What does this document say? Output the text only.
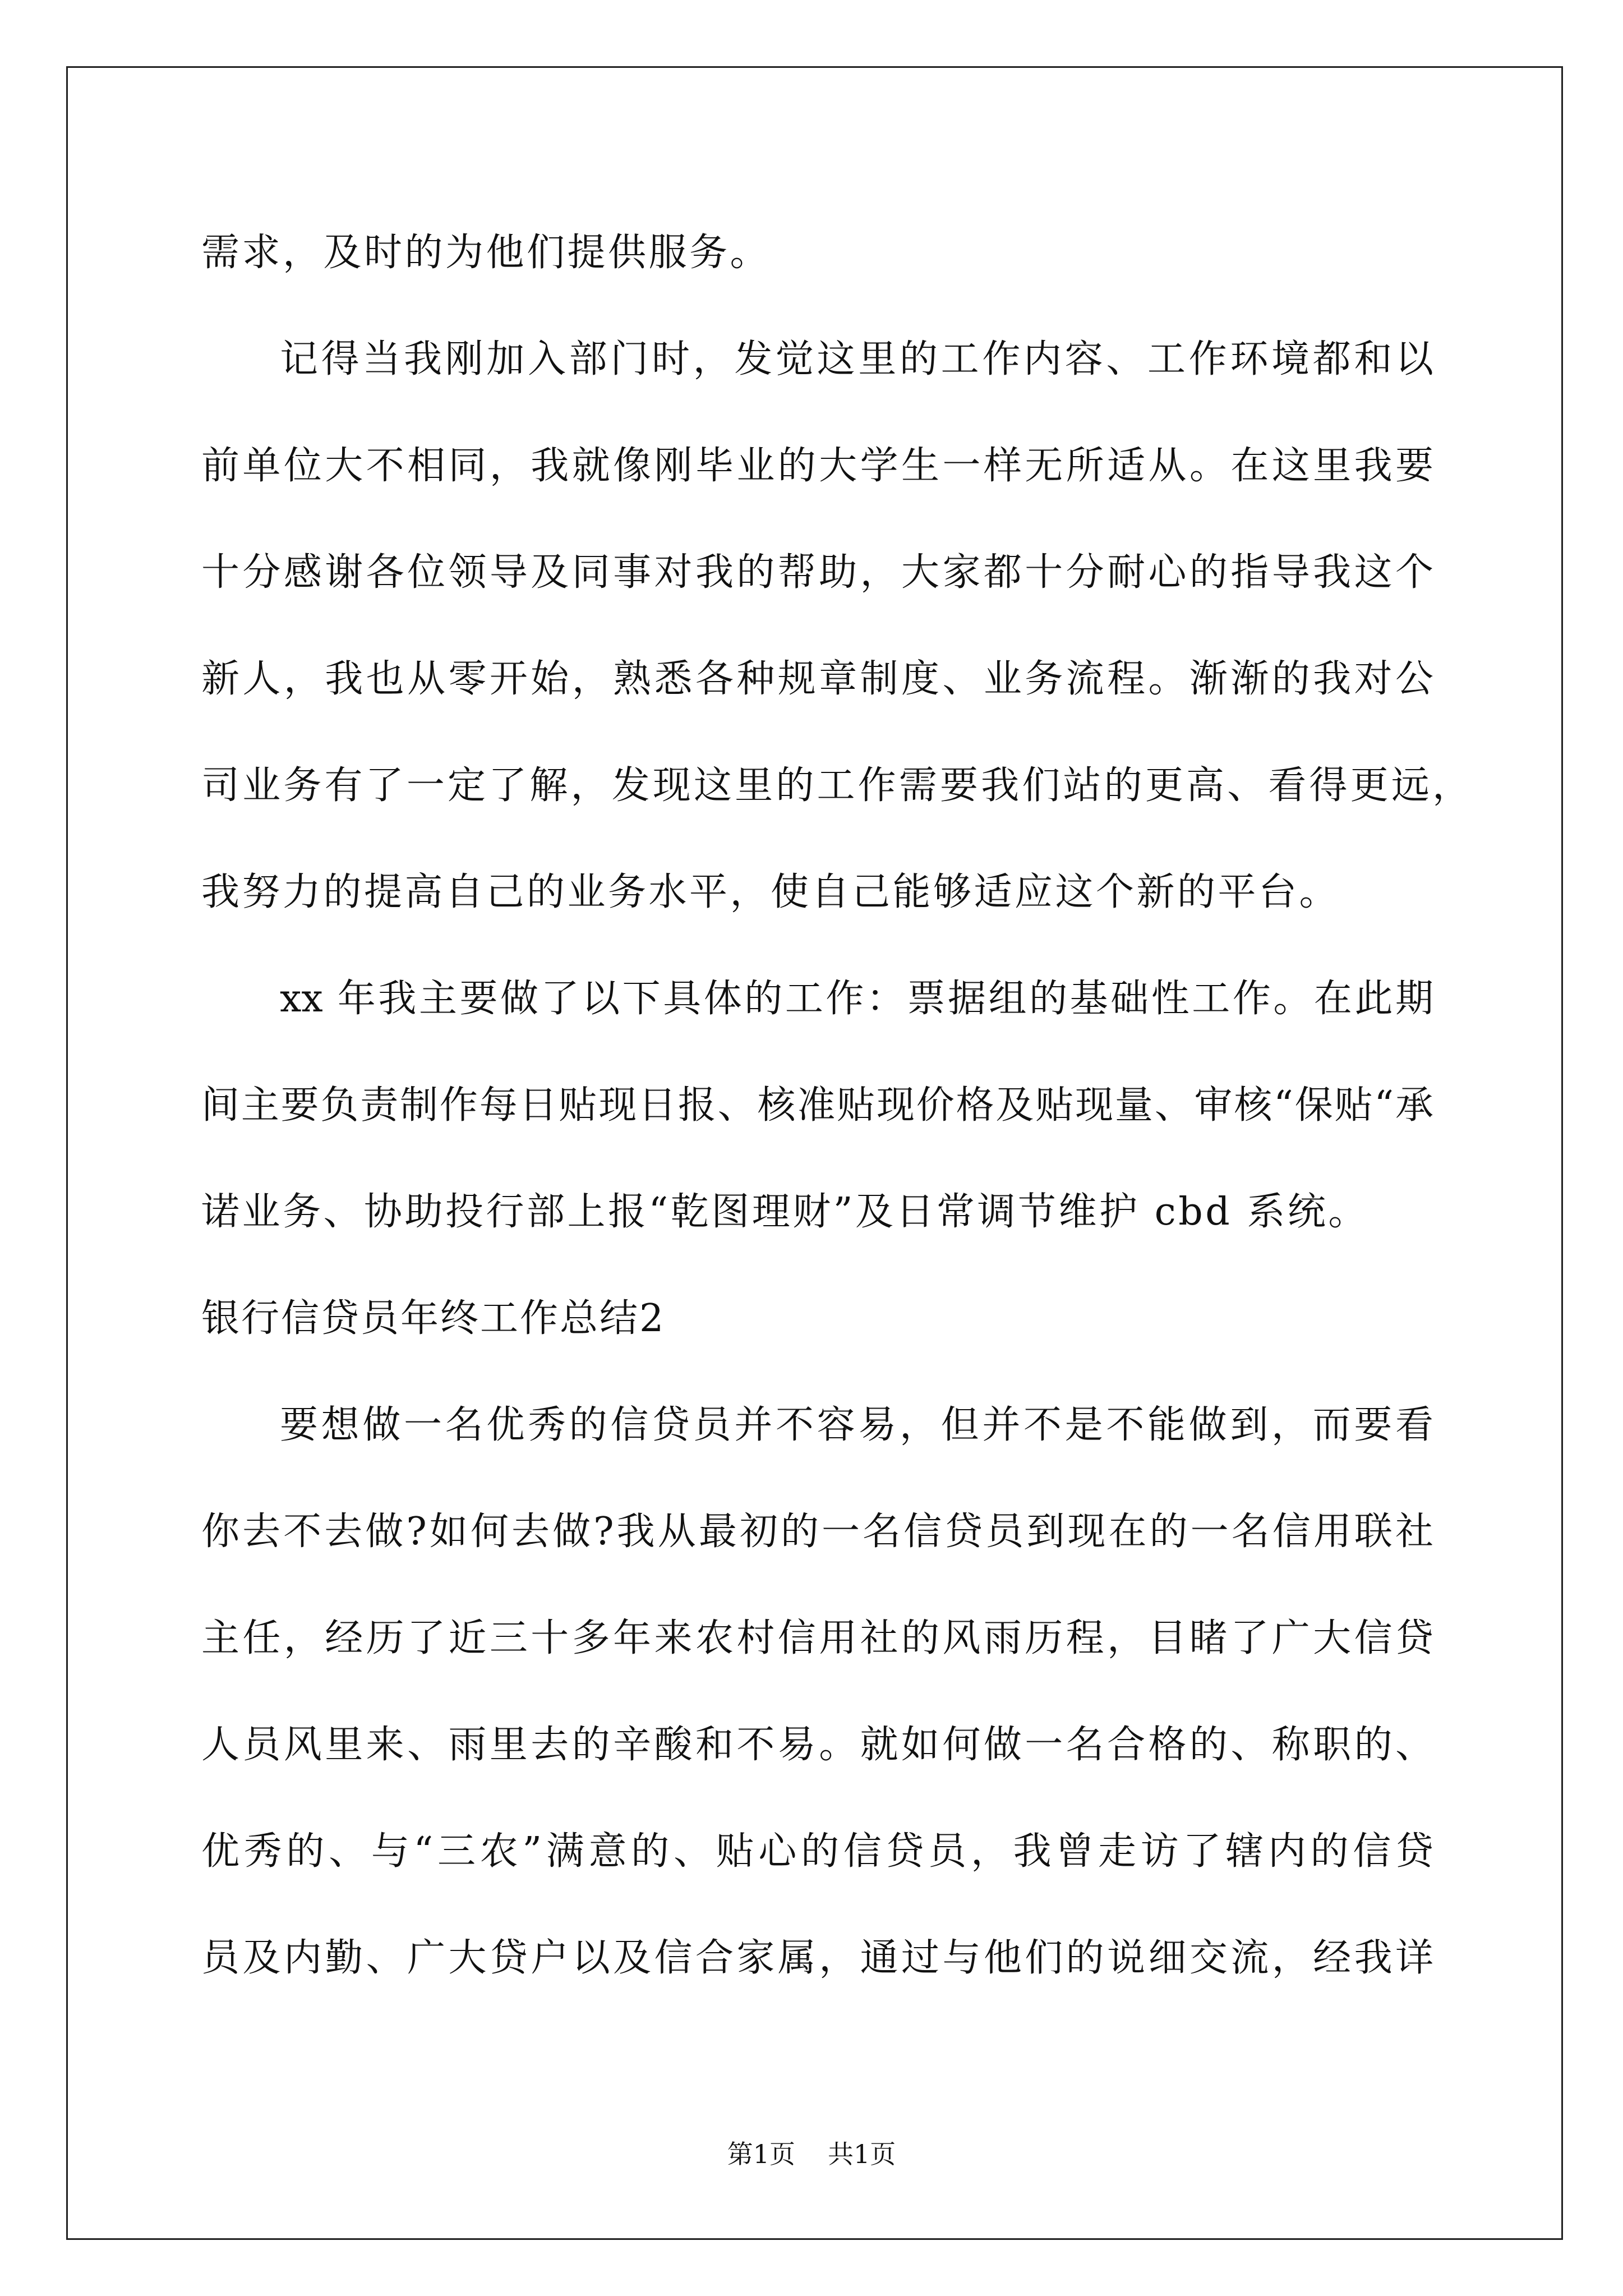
需求，及时的为他们提供服务。
记得当我刚加入部门时，发觉这里的工作内容、工作环境都和以
前单位大不相同，我就像刚毕业的大学生一样无所适从。在这里我要
十分感谢各位领导及同事对我的帮助，大家都十分耐心的指导我这个
新人，我也从零开始，熟悉各种规章制度、业务流程。渐渐的我对公
司业务有了一定了解，发现这里的工作需要我们站的更高、看得更远，
我努力的提高自己的业务水平，使自己能够适应这个新的平台。
xx 年我主要做了以下具体的工作：票据组的基础性工作。在此期
间主要负责制作每日贴现日报、核准贴现价格及贴现量、审核“保贴“承
诺业务、协助投行部上报“乾图理财”及日常调节维护 cbd 系统。
银行信贷员年终工作总结2
要想做一名优秀的信贷员并不容易，但并不是不能做到，而要看
你去不去做?如何去做?我从最初的一名信贷员到现在的一名信用联社
主任，经历了近三十多年来农村信用社的风雨历程，目睹了广大信贷
人员风里来、雨里去的辛酸和不易。就如何做一名合格的、称职的、
优秀的、与“三农”满意的、贴心的信贷员，我曾走访了辖内的信贷
员及内勤、广大贷户以及信合家属，通过与他们的说细交流，经我详
第1页 共1页
